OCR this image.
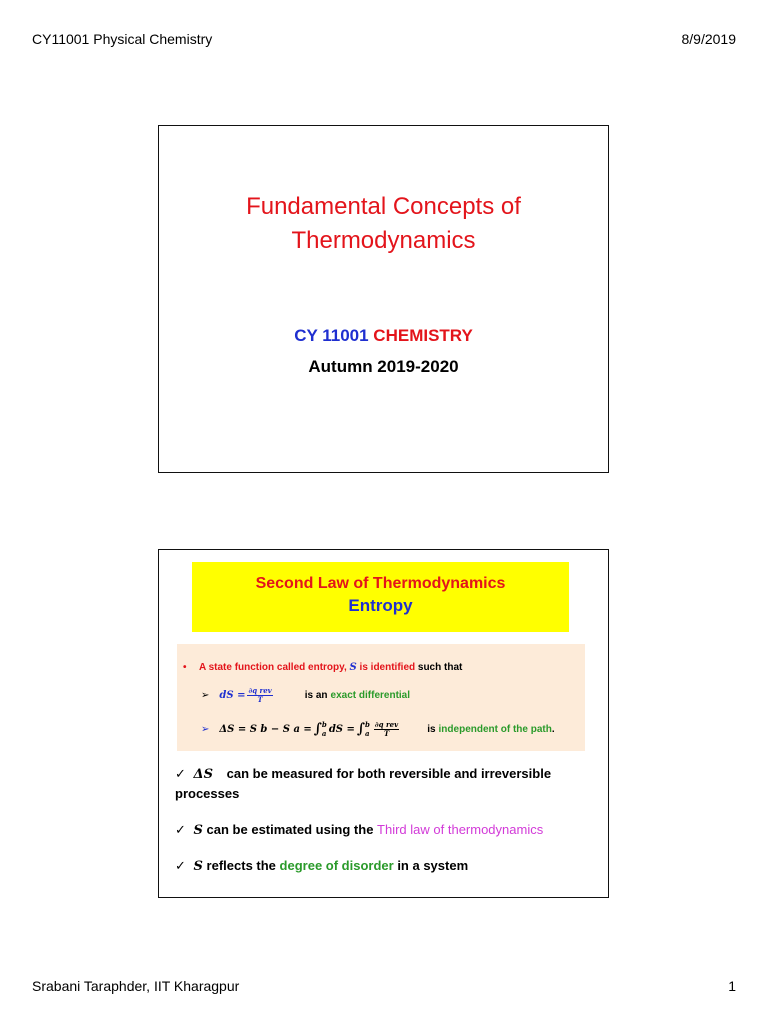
CY11001 Physical Chemistry	8/9/2019
Fundamental Concepts of
Thermodynamics
CY 11001 CHEMISTRY
Autumn 2019-2020
Second Law of Thermodynamics
Entropy
• A state function called entropy, S is identified such that
➢ dS = $\frac{\text{∂q rev}}{T}$	is an exact differential
➢ ΔS = S b − S a = ∫ b
a dS = ∫ b
a $\frac{\text{∂q rev}}{T}$	is independent of the path .
✓ ΔS can be measured for both reversible and irreversible processes
✓ S can be estimated using the Third law of thermodynamics
✓ S reflects the degree of disorder in a system
Srabani Taraphder, IIT Kharagpur	1
